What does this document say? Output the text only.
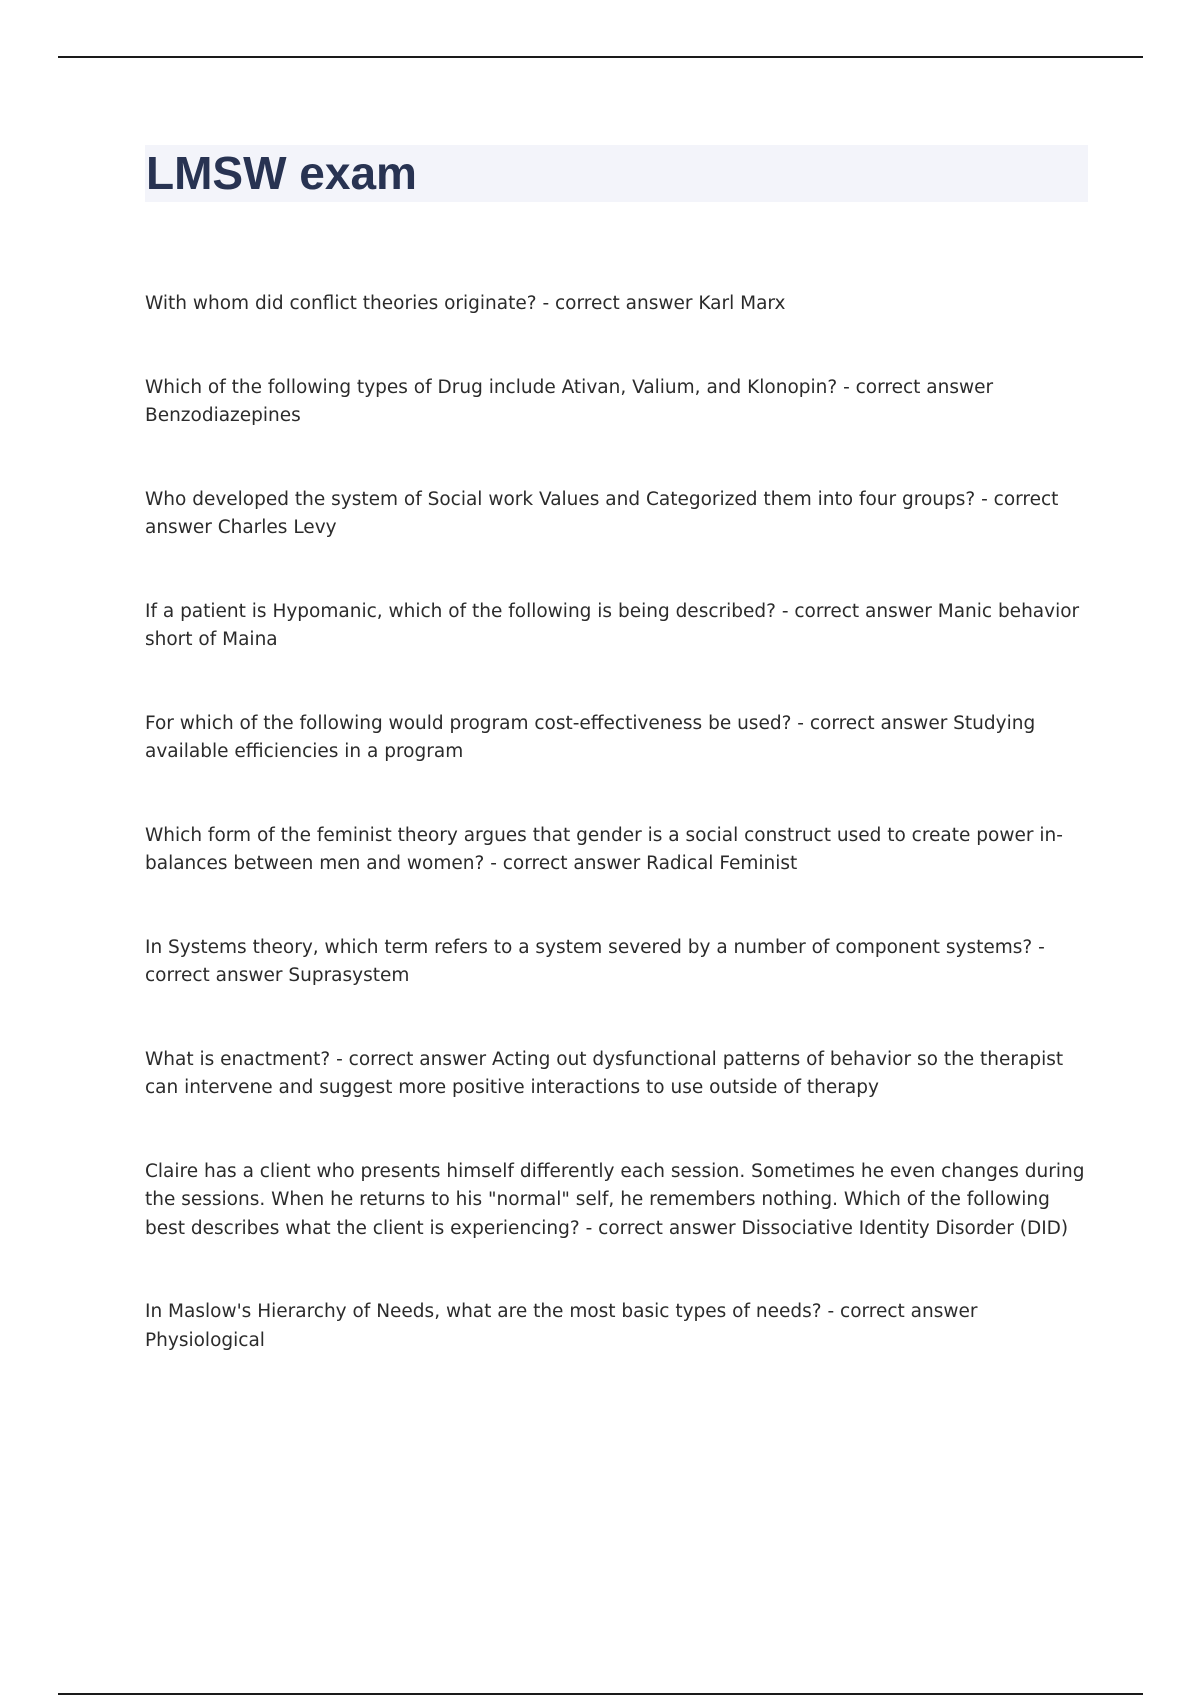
LMSW exam
With whom did conflict theories originate? - correct answer Karl Marx
Which of the following types of Drug include Ativan, Valium, and Klonopin? - correct answer Benzodiazepines
Who developed the system of Social work Values and Categorized them into four groups? - correct answer Charles Levy
If a patient is Hypomanic, which of the following is being described? - correct answer Manic behavior short of Maina
For which of the following would program cost-effectiveness be used? - correct answer Studying available efficiencies in a program
Which form of the feminist theory argues that gender is a social construct used to create power in-balances between men and women? - correct answer Radical Feminist
In Systems theory, which term refers to a system severed by a number of component systems? - correct answer Suprasystem
What is enactment? - correct answer Acting out dysfunctional patterns of behavior so the therapist can intervene and suggest more positive interactions to use outside of therapy
Claire has a client who presents himself differently each session. Sometimes he even changes during the sessions. When he returns to his "normal" self, he remembers nothing. Which of the following best describes what the client is experiencing? - correct answer Dissociative Identity Disorder (DID)
In Maslow's Hierarchy of Needs, what are the most basic types of needs? - correct answer Physiological
